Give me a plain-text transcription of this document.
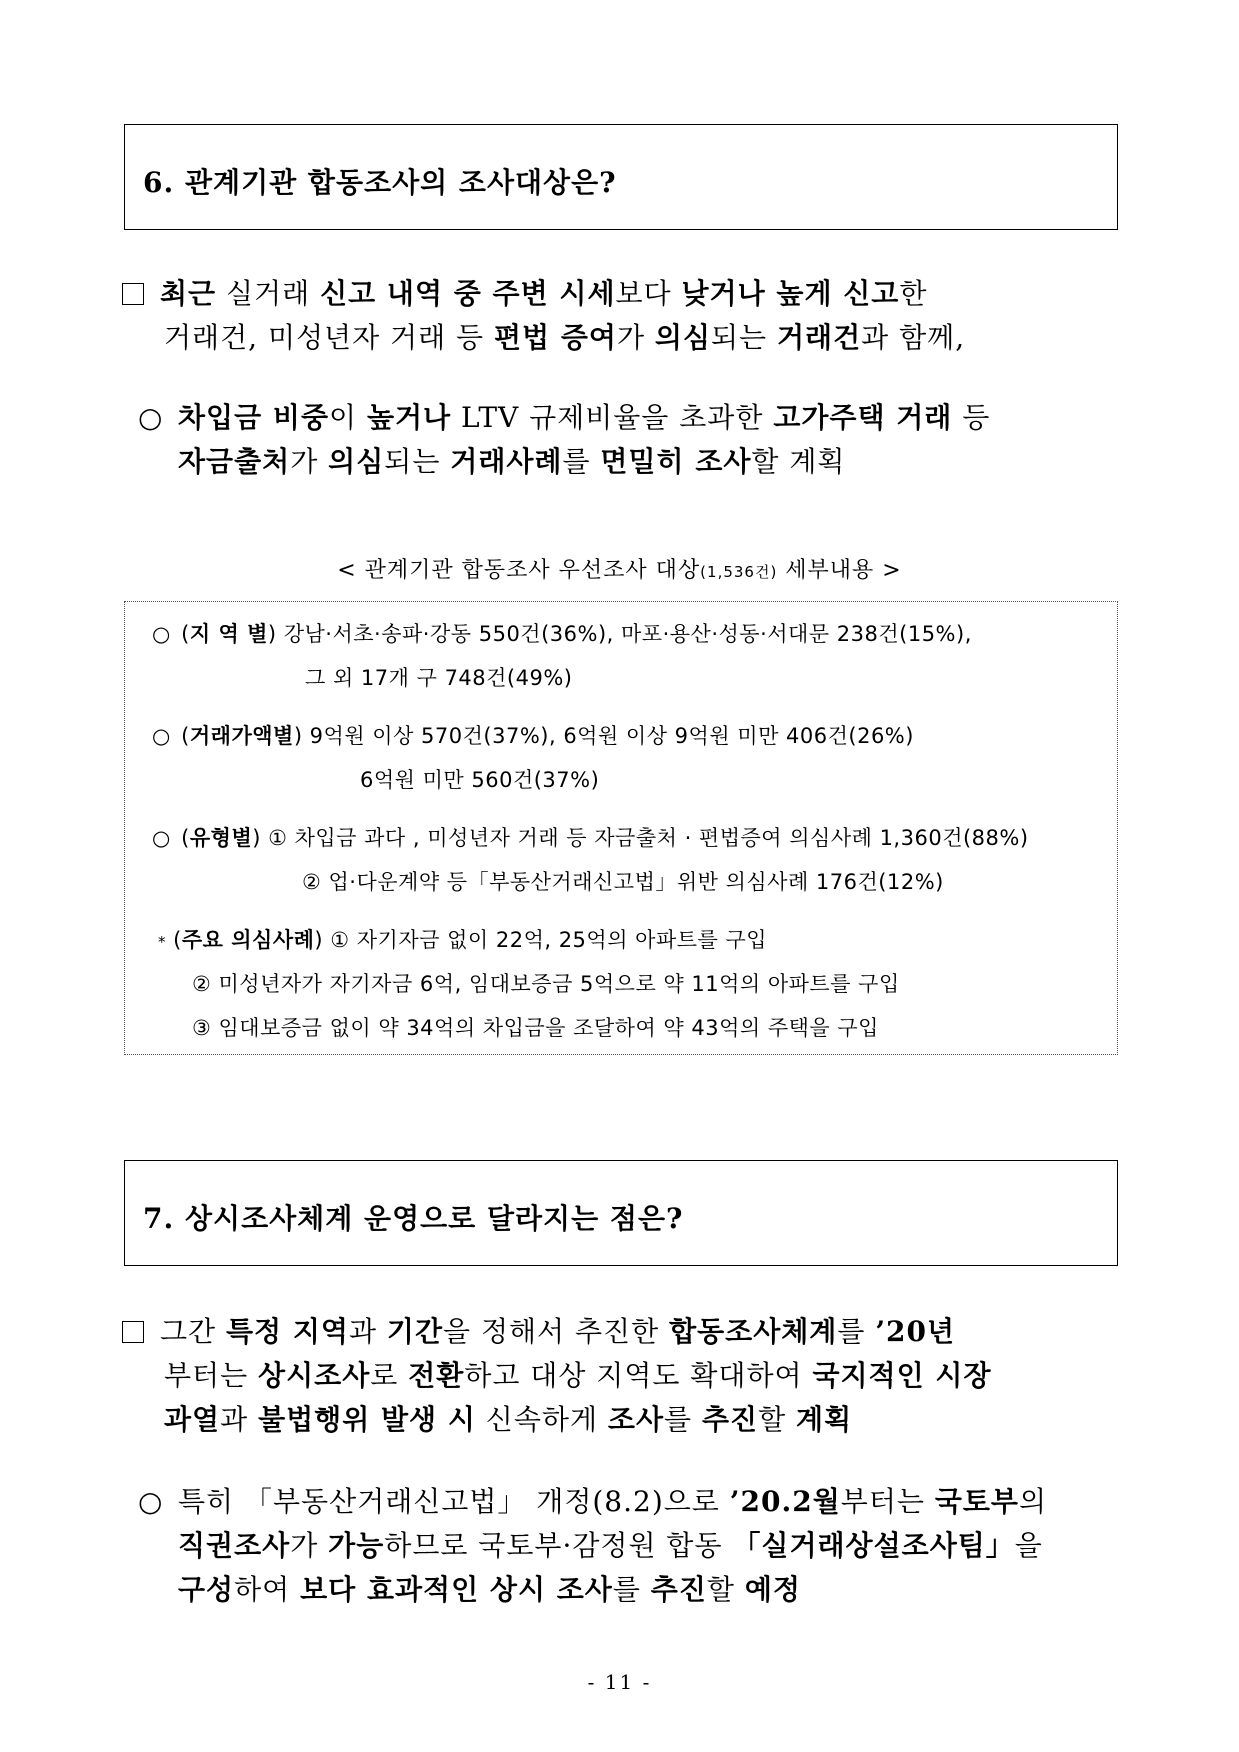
6. 관계기관 합동조사의 조사대상은?
최근 실거래 신고 내역 중 주변 시세보다 낮거나 높게 신고한
거래건, 미성년자 거래 등 편법 증여가 의심되는 거래건과 함께,
○ 차입금 비중이 높거나 LTV 규제비율을 초과한 고가주택 거래 등
자금출처가 의심되는 거래사례를 면밀히 조사할 계획
< 관계기관 합동조사 우선조사 대상(1,536건) 세부내용 >
○ (지 역 별) 강남·서초·송파·강동 550건(36%), 마포·용산·성동·서대문 238건(15%),
그 외 17개 구 748건(49%)
○ (거래가액별) 9억원 이상 570건(37%), 6억원 이상 9억원 미만 406건(26%)
6억원 미만 560건(37%)
○ (유형별) ① 차입금 과다 , 미성년자 거래 등 자금출처 · 편법증여 의심사례 1,360건(88%)
② 업·다운계약 등「부동산거래신고법」위반 의심사례 176건(12%)
* (주요 의심사례) ① 자기자금 없이 22억, 25억의 아파트를 구입
② 미성년자가 자기자금 6억, 임대보증금 5억으로 약 11억의 아파트를 구입
③ 임대보증금 없이 약 34억의 차입금을 조달하여 약 43억의 주택을 구입
7. 상시조사체계 운영으로 달라지는 점은?
그간 특정 지역과 기간을 정해서 추진한 합동조사체계를 ’20년
부터는 상시조사로 전환하고 대상 지역도 확대하여 국지적인 시장
과열과 불법행위 발생 시 신속하게 조사를 추진할 계획
○ 특히 「부동산거래신고법」 개정(8.2)으로 ’20.2월부터는 국토부의
직권조사가 가능하므로 국토부·감정원 합동 「실거래상설조사팀」을
구성하여 보다 효과적인 상시 조사를 추진할 예정
- 11 -
